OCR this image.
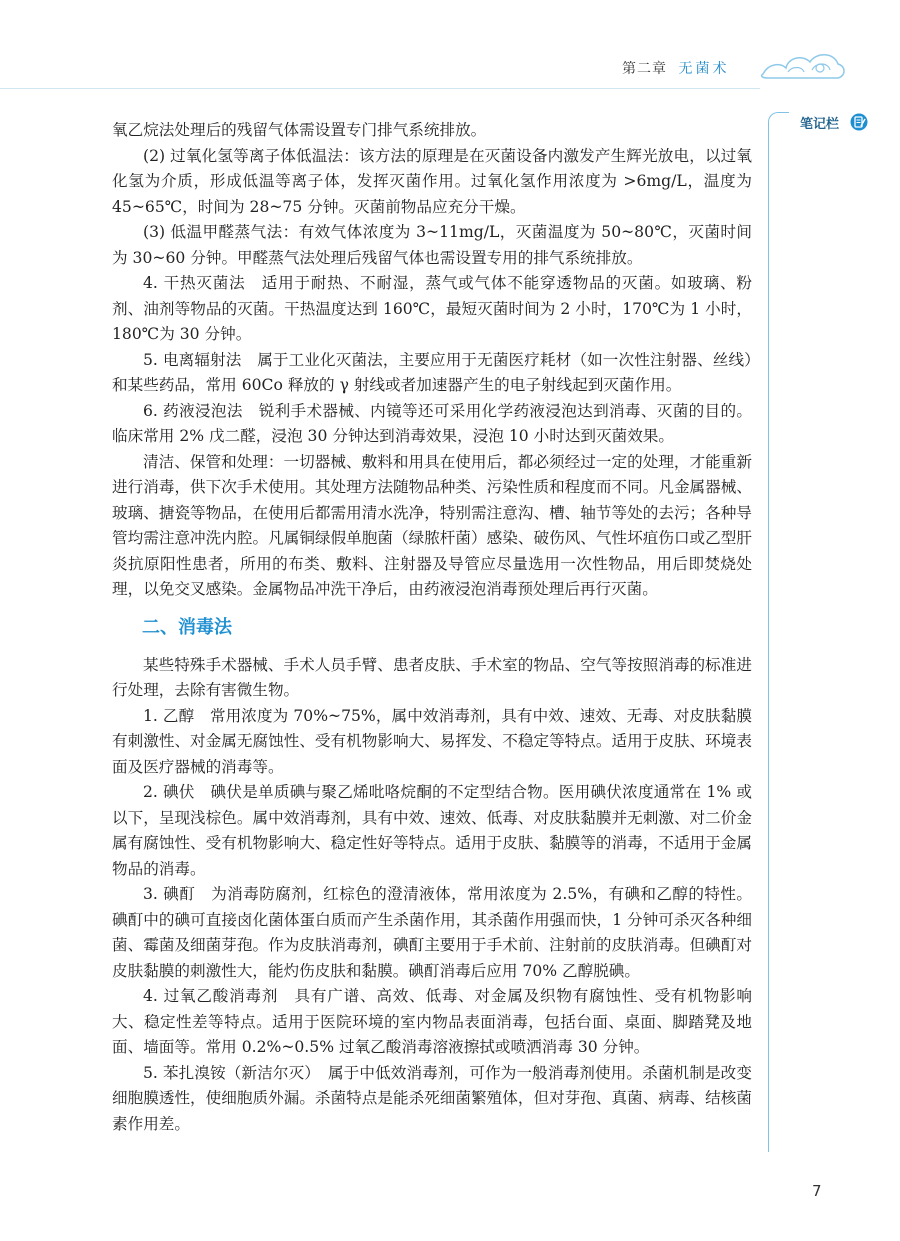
第二章 无菌术
笔记栏

氧乙烷法处理后的残留气体需设置专门排气系统排放。

(2) 过氧化氢等离子体低温法：该方法的原理是在灭菌设备内激发产生辉光放电，以过氧化氢为介质，形成低温等离子体，发挥灭菌作用。过氧化氢作用浓度为 >6mg/L，温度为 45~65℃，时间为 28~75 分钟。灭菌前物品应充分干燥。

(3) 低温甲醛蒸气法：有效气体浓度为 3~11mg/L，灭菌温度为 50~80℃，灭菌时间为 30~60 分钟。甲醛蒸气法处理后残留气体也需设置专用的排气系统排放。

4. 干热灭菌法　适用于耐热、不耐湿，蒸气或气体不能穿透物品的灭菌。如玻璃、粉剂、油剂等物品的灭菌。干热温度达到 160℃，最短灭菌时间为 2 小时，170℃为 1 小时，180℃为 30 分钟。

5. 电离辐射法　属于工业化灭菌法，主要应用于无菌医疗耗材（如一次性注射器、丝线）和某些药品，常用 60Co 释放的 γ 射线或者加速器产生的电子射线起到灭菌作用。

6. 药液浸泡法　锐利手术器械、内镜等还可采用化学药液浸泡达到消毒、灭菌的目的。临床常用 2% 戊二醛，浸泡 30 分钟达到消毒效果，浸泡 10 小时达到灭菌效果。

清洁、保管和处理：一切器械、敷料和用具在使用后，都必须经过一定的处理，才能重新进行消毒，供下次手术使用。其处理方法随物品种类、污染性质和程度而不同。凡金属器械、玻璃、搪瓷等物品，在使用后都需用清水洗净，特别需注意沟、槽、轴节等处的去污；各种导管均需注意冲洗内腔。凡属铜绿假单胞菌（绿脓杆菌）感染、破伤风、气性坏疽伤口或乙型肝炎抗原阳性患者，所用的布类、敷料、注射器及导管应尽量选用一次性物品，用后即焚烧处理，以免交叉感染。金属物品冲洗干净后，由药液浸泡消毒预处理后再行灭菌。

二、消毒法

某些特殊手术器械、手术人员手臂、患者皮肤、手术室的物品、空气等按照消毒的标准进行处理，去除有害微生物。

1. 乙醇　常用浓度为 70%~75%，属中效消毒剂，具有中效、速效、无毒、对皮肤黏膜有刺激性、对金属无腐蚀性、受有机物影响大、易挥发、不稳定等特点。适用于皮肤、环境表面及医疗器械的消毒等。

2. 碘伏　碘伏是单质碘与聚乙烯吡咯烷酮的不定型结合物。医用碘伏浓度通常在 1% 或以下，呈现浅棕色。属中效消毒剂，具有中效、速效、低毒、对皮肤黏膜并无刺激、对二价金属有腐蚀性、受有机物影响大、稳定性好等特点。适用于皮肤、黏膜等的消毒，不适用于金属物品的消毒。

3. 碘酊　为消毒防腐剂，红棕色的澄清液体，常用浓度为 2.5%，有碘和乙醇的特性。碘酊中的碘可直接卤化菌体蛋白质而产生杀菌作用，其杀菌作用强而快，1 分钟可杀灭各种细菌、霉菌及细菌芽孢。作为皮肤消毒剂，碘酊主要用于手术前、注射前的皮肤消毒。但碘酊对皮肤黏膜的刺激性大，能灼伤皮肤和黏膜。碘酊消毒后应用 70% 乙醇脱碘。

4. 过氧乙酸消毒剂　具有广谱、高效、低毒、对金属及织物有腐蚀性、受有机物影响大、稳定性差等特点。适用于医院环境的室内物品表面消毒，包括台面、桌面、脚踏凳及地面、墙面等。常用 0.2%~0.5% 过氧乙酸消毒溶液擦拭或喷洒消毒 30 分钟。

5. 苯扎溴铵（新洁尔灭）　属于中低效消毒剂，可作为一般消毒剂使用。杀菌机制是改变细胞膜透性，使细胞质外漏。杀菌特点是能杀死细菌繁殖体，但对芽孢、真菌、病毒、结核菌素作用差。

7
